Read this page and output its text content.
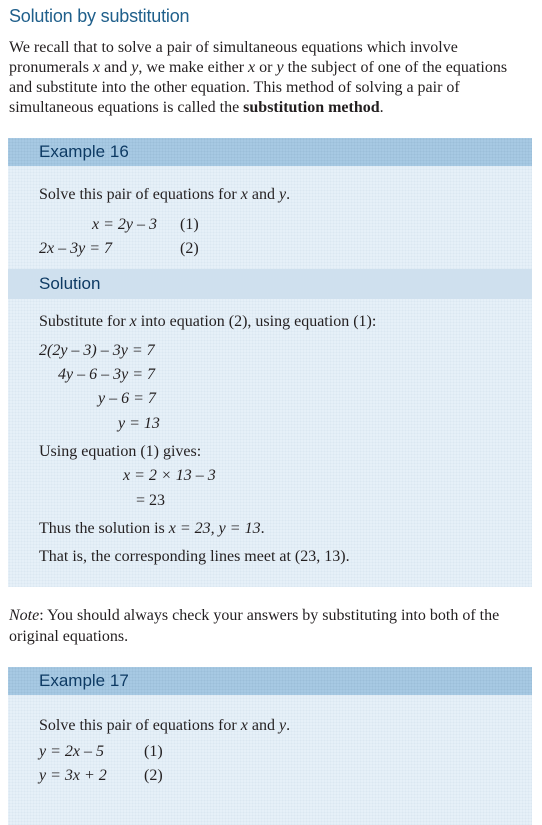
Solution by substitution
We recall that to solve a pair of simultaneous equations which involve pronumerals x and y, we make either x or y the subject of one of the equations and substitute into the other equation. This method of solving a pair of simultaneous equations is called the substitution method.
Example 16
Solve this pair of equations for x and y.
x = 2y – 3 (1)
2x – 3y = 7	(2)
Solution
Substitute for x into equation (2), using equation (1):
2(2y – 3) – 3y = 7
4y – 6 – 3y = 7
y – 6 = 7
y = 13
Using equation (1) gives:
x = 2 × 13 – 3
= 23
Thus the solution is x = 23, y = 13.
That is, the corresponding lines meet at (23, 13).
Note: You should always check your answers by substituting into both of the original equations.
Example 17
Solve this pair of equations for x and y.
y = 2x – 5	(1)
y = 3x + 2 (2)
